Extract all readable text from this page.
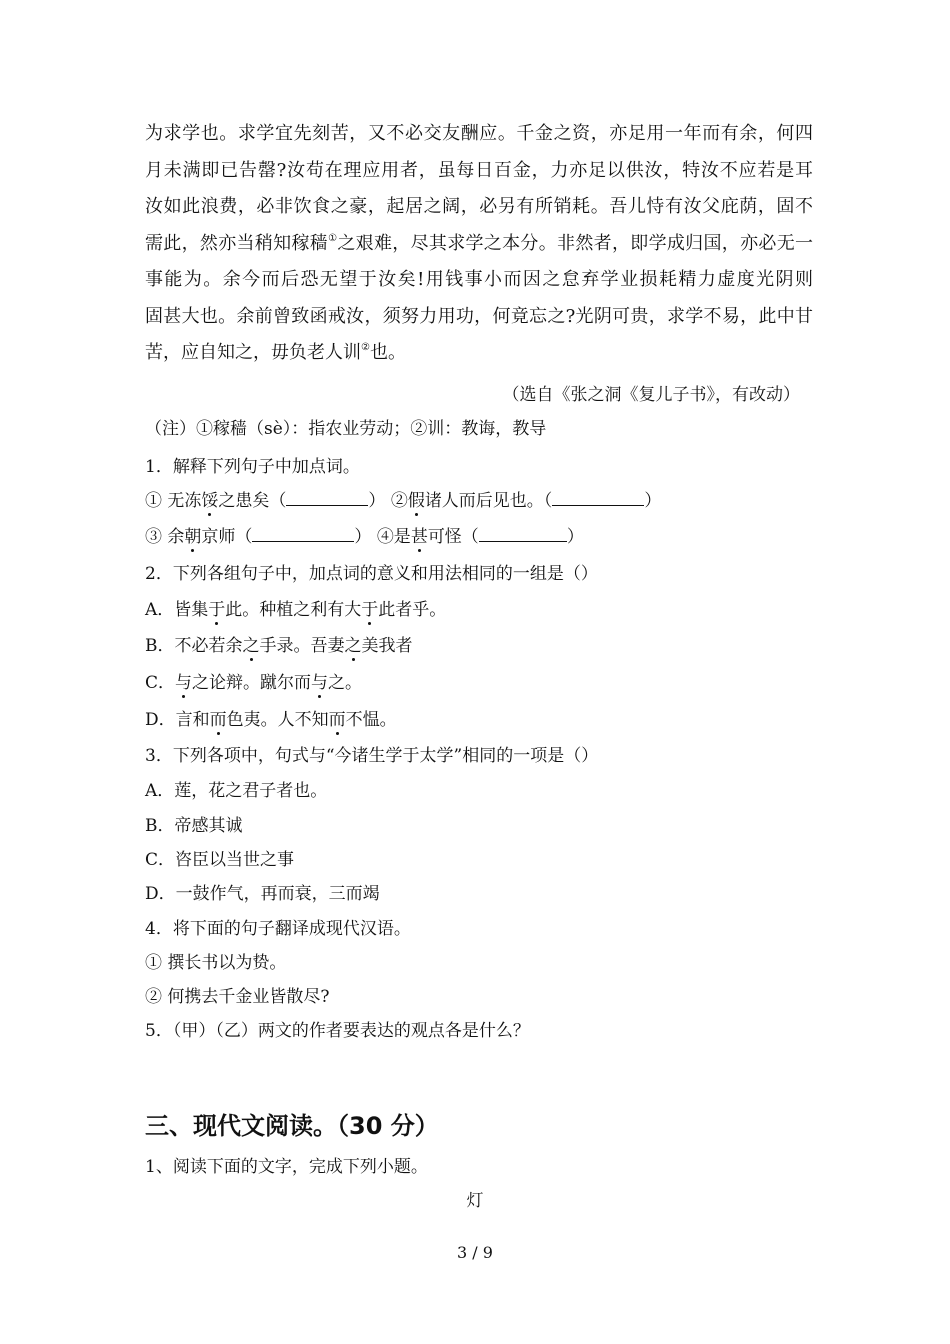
为求学也。求学宜先刻苦，又不必交友酬应。千金之资，亦足用一年而有余，何四
月未满即已告罄?汝苟在理应用者，虽每日百金，力亦足以供汝，特汝不应若是耳
汝如此浪费，必非饮食之豪，起居之阔，必另有所销耗。吾儿恃有汝父庇荫，固不
需此，然亦当稍知稼穑①之艰难，尽其求学之本分。非然者，即学成归国，亦必无一
事能为。余今而后恐无望于汝矣!用钱事小而因之怠弃学业损耗精力虚度光阴则
固甚大也。余前曾致函戒汝，须努力用功，何竟忘之?光阴可贵，求学不易，此中甘
苦，应自知之，毋负老人训②也。
（选自《张之洞《复儿子书》，有改动）
（注）①稼穑（sè）：指农业劳动；②训：教诲，教导
1．解释下列句子中加点词。
① 无冻馁之患矣（	） ②假诸人而后见也。（	）
③ 余朝京师（	） ④是甚可怪（	）
2．下列各组句子中，加点词的意义和用法相同的一组是（）
A．皆集于此。种植之利有大于此者乎。
B．不必若余之手录。吾妻之美我者
C．与之论辩。蹴尔而与之。
D．言和而色夷。人不知而不愠。
3．下列各项中，句式与“今诸生学于太学”相同的一项是（）
A．莲，花之君子者也。
B．帝感其诚
C．咨臣以当世之事
D．一鼓作气，再而衰，三而竭
4．将下面的句子翻译成现代汉语。
① 撰长书以为贽。
② 何携去千金业皆散尽?
5．（甲）（乙）两文的作者要表达的观点各是什么？
三、现代文阅读。（30 分）
1、阅读下面的文字，完成下列小题。
灯
3 / 9
